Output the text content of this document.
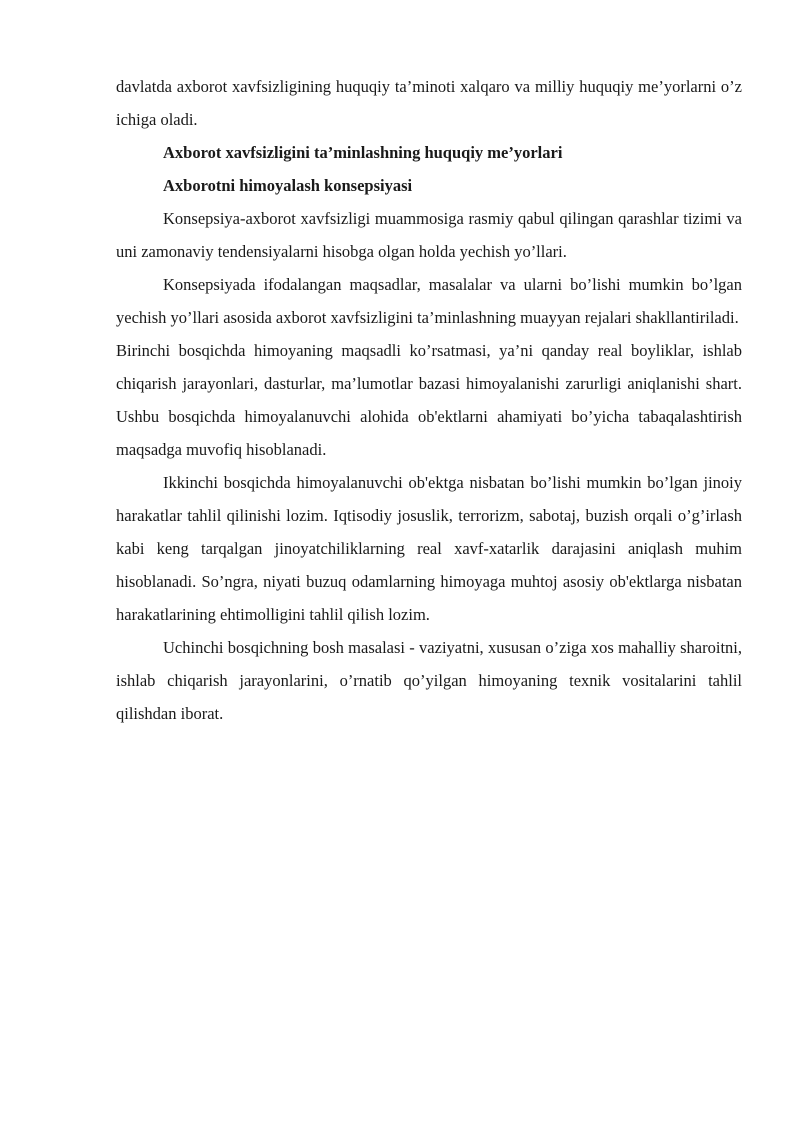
davlatda axborot xavfsizligining huquqiy ta’minoti xalqaro va milliy huquqiy me’yorlarni o’z ichiga oladi.

Axborot xavfsizligini ta’minlashning huquqiy me’yorlari

Axborotni himoyalash konsepsiyasi

Konsepsiya-axborot xavfsizligi muammosiga rasmiy qabul qilingan qarashlar tizimi va uni zamonaviy tendensiyalarni hisobga olgan holda yechish yo’llari.

Konsepsiyada ifodalangan maqsadlar, masalalar va ularni bo’lishi mumkin bo’lgan yechish yo’llari asosida axborot xavfsizligini ta’minlashning muayyan rejalari shakllantiriladi.

Birinchi bosqichda himoyaning maqsadli ko’rsatmasi, ya’ni qanday real boyliklar, ishlab chiqarish jarayonlari, dasturlar, ma’lumotlar bazasi himoyalanishi zarurligi aniqlanishi shart. Ushbu bosqichda himoyalanuvchi alohida ob'ektlarni ahamiyati bo’yicha tabaqalashtirish maqsadga muvofiq hisoblanadi.

Ikkinchi bosqichda himoyalanuvchi ob'ektga nisbatan bo’lishi mumkin bo’lgan jinoiy harakatlar tahlil qilinishi lozim. Iqtisodiy josuslik, terrorizm, sabotaj, buzish orqali o’g’irlash kabi keng tarqalgan jinoyatchiliklarning real xavf-xatarlik darajasini aniqlash muhim hisoblanadi. So’ngra, niyati buzuq odamlarning himoyaga muhtoj asosiy ob'ektlarga nisbatan harakatlarining ehtimolligini tahlil qilish lozim.

Uchinchi bosqichning bosh masalasi - vaziyatni, xususan o’ziga xos mahalliy sharoitni, ishlab chiqarish jarayonlarini, o’rnatib qo’yilgan himoyaning texnik vositalarini tahlil qilishdan iborat.
